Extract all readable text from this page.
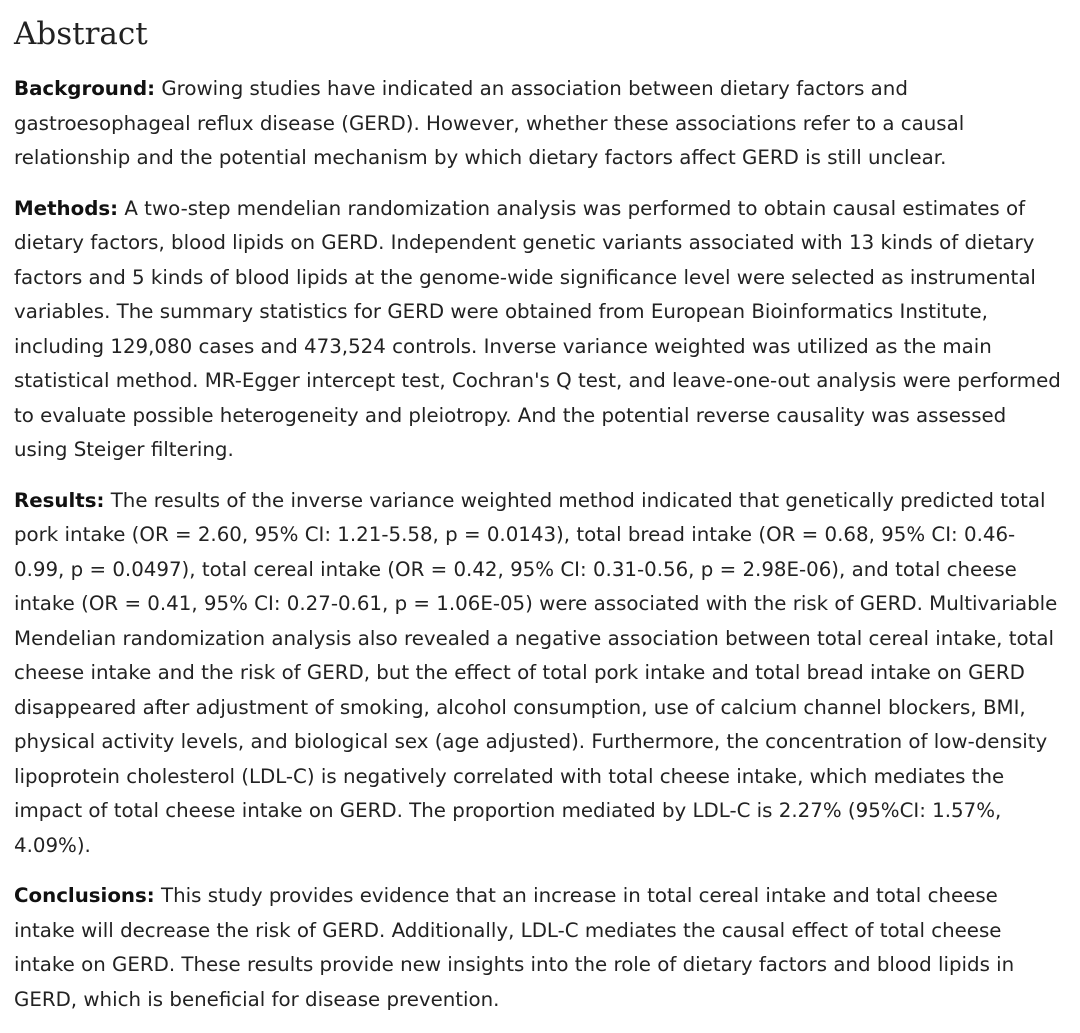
Abstract

Background: Growing studies have indicated an association between dietary factors and gastroesophageal reflux disease (GERD). However, whether these associations refer to a causal relationship and the potential mechanism by which dietary factors affect GERD is still unclear.

Methods: A two-step mendelian randomization analysis was performed to obtain causal estimates of dietary factors, blood lipids on GERD. Independent genetic variants associated with 13 kinds of dietary factors and 5 kinds of blood lipids at the genome-wide significance level were selected as instrumental variables. The summary statistics for GERD were obtained from European Bioinformatics Institute, including 129,080 cases and 473,524 controls. Inverse variance weighted was utilized as the main statistical method. MR-Egger intercept test, Cochran's Q test, and leave-one-out analysis were performed to evaluate possible heterogeneity and pleiotropy. And the potential reverse causality was assessed using Steiger filtering.

Results: The results of the inverse variance weighted method indicated that genetically predicted total pork intake (OR = 2.60, 95% CI: 1.21-5.58, p = 0.0143), total bread intake (OR = 0.68, 95% CI: 0.46-0.99, p = 0.0497), total cereal intake (OR = 0.42, 95% CI: 0.31-0.56, p = 2.98E-06), and total cheese intake (OR = 0.41, 95% CI: 0.27-0.61, p = 1.06E-05) were associated with the risk of GERD. Multivariable Mendelian randomization analysis also revealed a negative association between total cereal intake, total cheese intake and the risk of GERD, but the effect of total pork intake and total bread intake on GERD disappeared after adjustment of smoking, alcohol consumption, use of calcium channel blockers, BMI, physical activity levels, and biological sex (age adjusted). Furthermore, the concentration of low-density lipoprotein cholesterol (LDL-C) is negatively correlated with total cheese intake, which mediates the impact of total cheese intake on GERD. The proportion mediated by LDL-C is 2.27% (95%CI: 1.57%, 4.09%).

Conclusions: This study provides evidence that an increase in total cereal intake and total cheese intake will decrease the risk of GERD. Additionally, LDL-C mediates the causal effect of total cheese intake on GERD. These results provide new insights into the role of dietary factors and blood lipids in GERD, which is beneficial for disease prevention.
